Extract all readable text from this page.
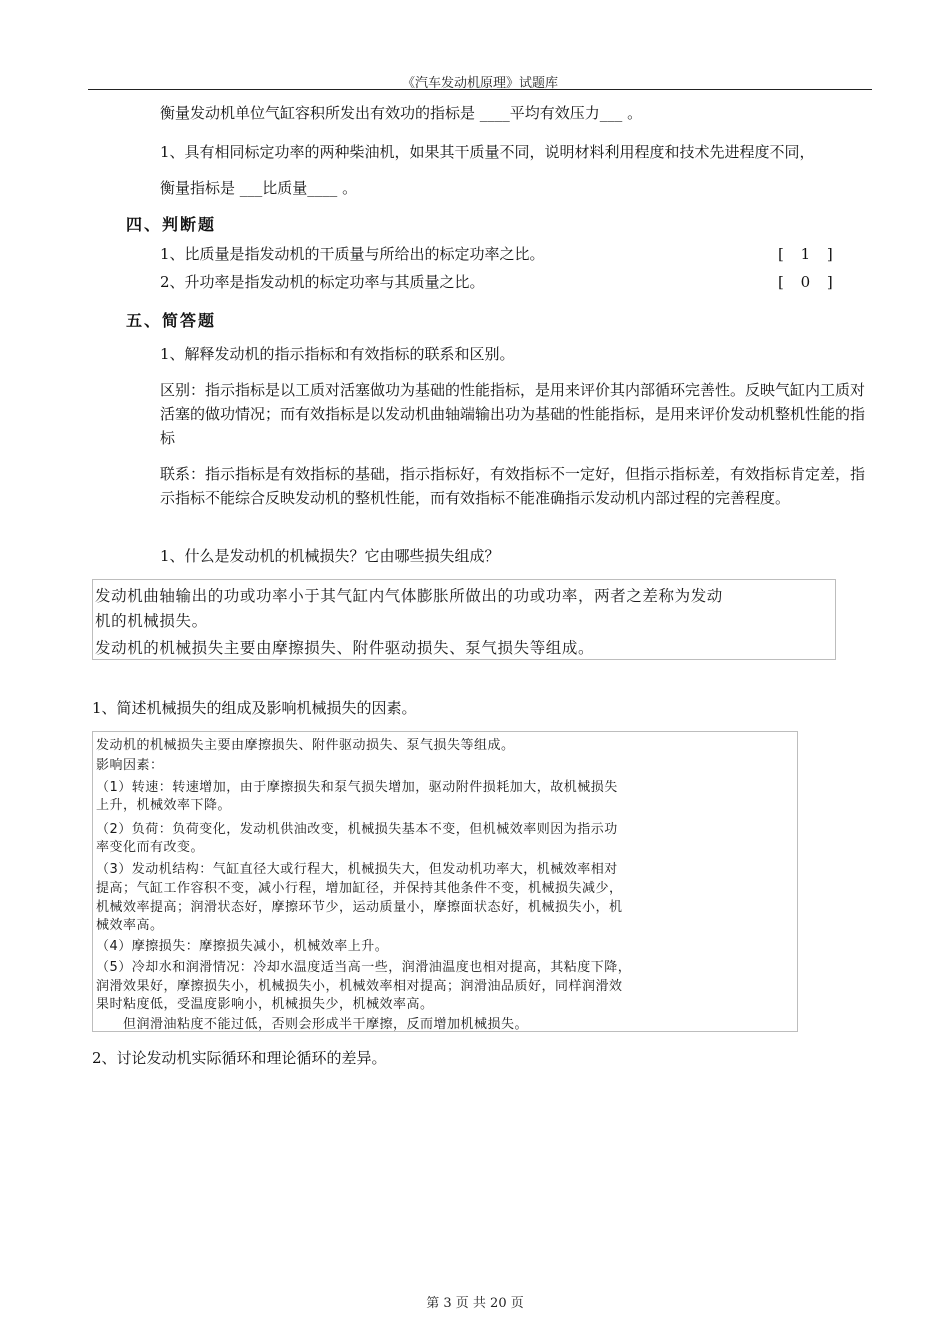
《汽车发动机原理》试题库
衡量发动机单位气缸容积所发出有效功的指标是 ____平均有效压力___ 。
1、具有相同标定功率的两种柴油机，如果其干质量不同，说明材料利用程度和技术先进程度不同，
衡量指标是 ___比质量____ 。
四、判断题
1、比质量是指发动机的干质量与所给出的标定功率之比。	[ 1 ]
2、升功率是指发动机的标定功率与其质量之比。	[ 0 ]
五、简答题
1、解释发动机的指示指标和有效指标的联系和区别。
区别：指示指标是以工质对活塞做功为基础的性能指标，是用来评价其内部循环完善性。反映气缸内工质对活塞的做功情况；而有效指标是以发动机曲轴端输出功为基础的性能指标，是用来评价发动机整机性能的指标
联系：指示指标是有效指标的基础，指示指标好，有效指标不一定好，但指示指标差，有效指标肯定差，指示指标不能综合反映发动机的整机性能，而有效指标不能准确指示发动机内部过程的完善程度。
1、什么是发动机的机械损失？它由哪些损失组成？
发动机曲轴输出的功或功率小于其气缸内气体膨胀所做出的功或功率，两者之差称为发动
机的机械损失。
发动机的机械损失主要由摩擦损失、附件驱动损失、泵气损失等组成。
1、简述机械损失的组成及影响机械损失的因素。
发动机的机械损失主要由摩擦损失、附件驱动损失、泵气损失等组成。
影响因素：
（1）转速：转速增加，由于摩擦损失和泵气损失增加，驱动附件损耗加大，故机械损失
上升，机械效率下降。
（2）负荷：负荷变化，发动机供油改变，机械损失基本不变，但机械效率则因为指示功
率变化而有改变。
（3）发动机结构：气缸直径大或行程大，机械损失大，但发动机功率大，机械效率相对
提高；气缸工作容积不变，减小行程，增加缸径，并保持其他条件不变，机械损失减少，
机械效率提高；润滑状态好，摩擦环节少，运动质量小，摩擦面状态好，机械损失小，机
械效率高。
（4）摩擦损失：摩擦损失减小，机械效率上升。
（5）冷却水和润滑情况：冷却水温度适当高一些，润滑油温度也相对提高，其粘度下降，
润滑效果好，摩擦损失小，机械损失小，机械效率相对提高；润滑油品质好，同样润滑效
果时粘度低，受温度影响小，机械损失少，机械效率高。
　　但润滑油粘度不能过低，否则会形成半干摩擦，反而增加机械损失。
2、讨论发动机实际循环和理论循环的差异。
第 3 页 共 20 页
